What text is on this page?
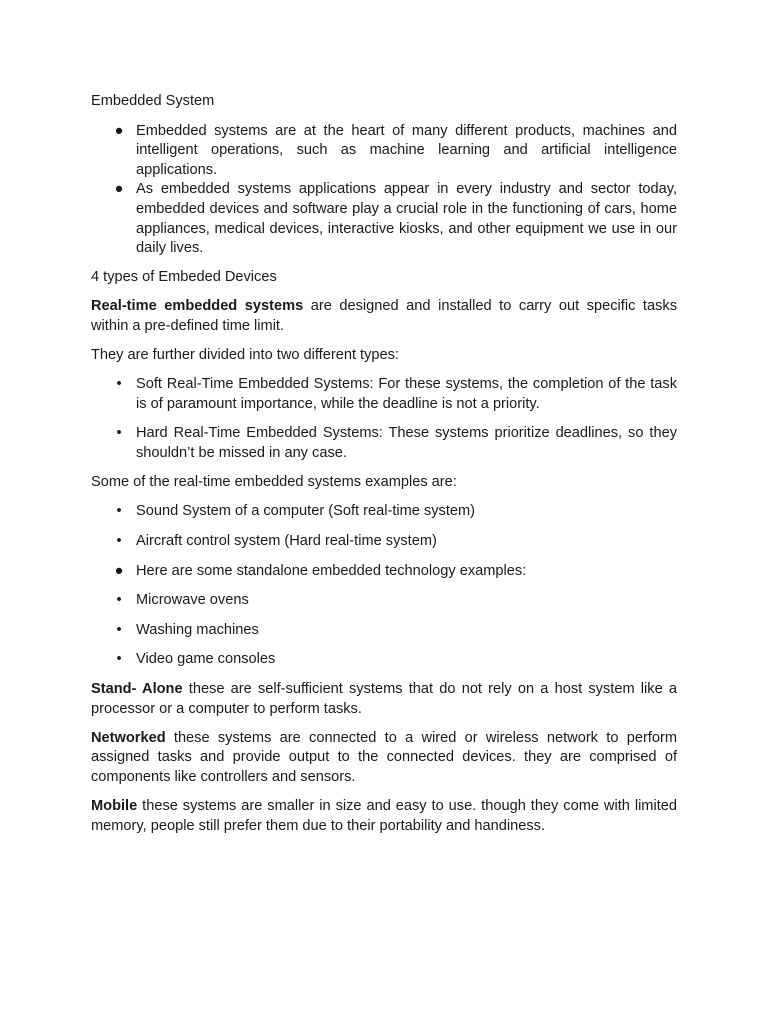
Embedded System

● Embedded systems are at the heart of many different products, machines and intelligent operations, such as machine learning and artificial intelligence applications.
● As embedded systems applications appear in every industry and sector today, embedded devices and software play a crucial role in the functioning of cars, home appliances, medical devices, interactive kiosks, and other equipment we use in our daily lives.

4 types of Embeded Devices

Real-time embedded systems are designed and installed to carry out specific tasks within a pre-defined time limit.

They are further divided into two different types:

• Soft Real-Time Embedded Systems: For these systems, the completion of the task is of paramount importance, while the deadline is not a priority.
• Hard Real-Time Embedded Systems: These systems prioritize deadlines, so they shouldn’t be missed in any case.

Some of the real-time embedded systems examples are:

• Sound System of a computer (Soft real-time system)
• Aircraft control system (Hard real-time system)
● Here are some standalone embedded technology examples:
• Microwave ovens
• Washing machines
• Video game consoles

Stand- Alone these are self-sufficient systems that do not rely on a host system like a processor or a computer to perform tasks.

Networked these systems are connected to a wired or wireless network to perform assigned tasks and provide output to the connected devices. they are comprised of components like controllers and sensors.

Mobile these systems are smaller in size and easy to use. though they come with limited memory, people still prefer them due to their portability and handiness.
